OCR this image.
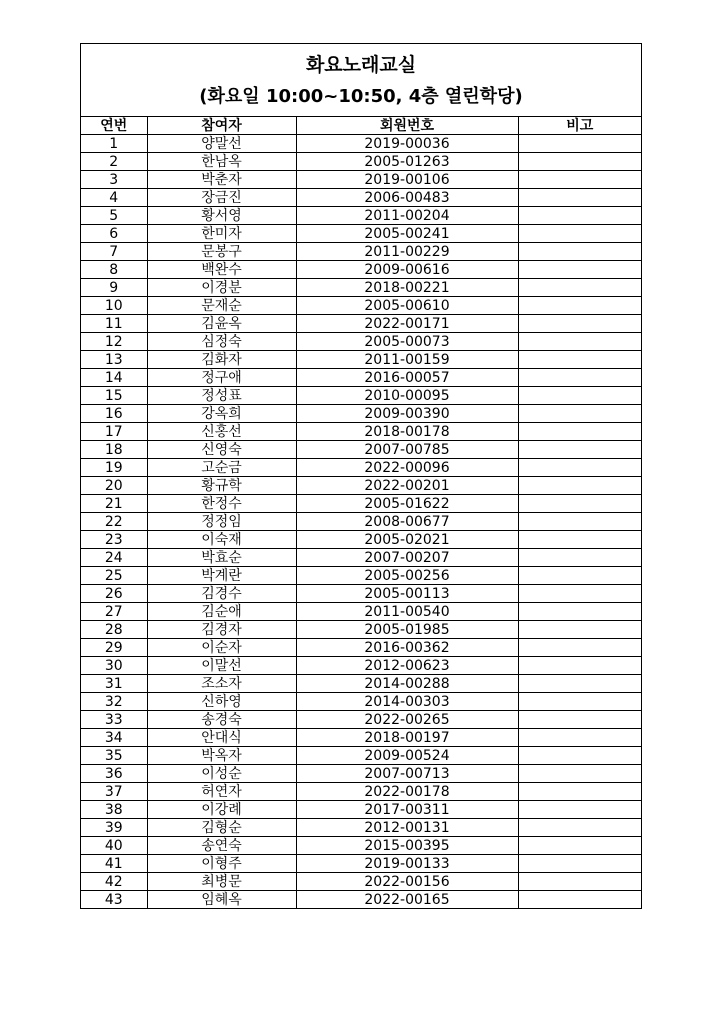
화요노래교실
(화요일 10:00~10:50, 4층 열린학당)
연번	참여자	회원번호	비고
1	양말선	2019-00036	
2	한남옥	2005-01263	
3	박춘자	2019-00106	
4	장금진	2006-00483	
5	황서영	2011-00204	
6	한미자	2005-00241	
7	문봉구	2011-00229	
8	백완수	2009-00616	
9	이경분	2018-00221	
10	문재순	2005-00610	
11	김윤옥	2022-00171	
12	심정숙	2005-00073	
13	김화자	2011-00159	
14	정구애	2016-00057	
15	정성표	2010-00095	
16	강옥희	2009-00390	
17	신홍선	2018-00178	
18	신영숙	2007-00785	
19	고순금	2022-00096	
20	황규학	2022-00201	
21	한정수	2005-01622	
22	정정임	2008-00677	
23	이숙재	2005-02021	
24	박효순	2007-00207	
25	박계란	2005-00256	
26	김경수	2005-00113	
27	김순애	2011-00540	
28	김경자	2005-01985	
29	이순자	2016-00362	
30	이말선	2012-00623	
31	조소자	2014-00288	
32	신하영	2014-00303	
33	송경숙	2022-00265	
34	안대식	2018-00197	
35	박옥자	2009-00524	
36	이성순	2007-00713	
37	허연자	2022-00178	
38	이강례	2017-00311	
39	김형순	2012-00131	
40	송연숙	2015-00395	
41	이형주	2019-00133	
42	최병문	2022-00156	
43	임혜옥	2022-00165	
